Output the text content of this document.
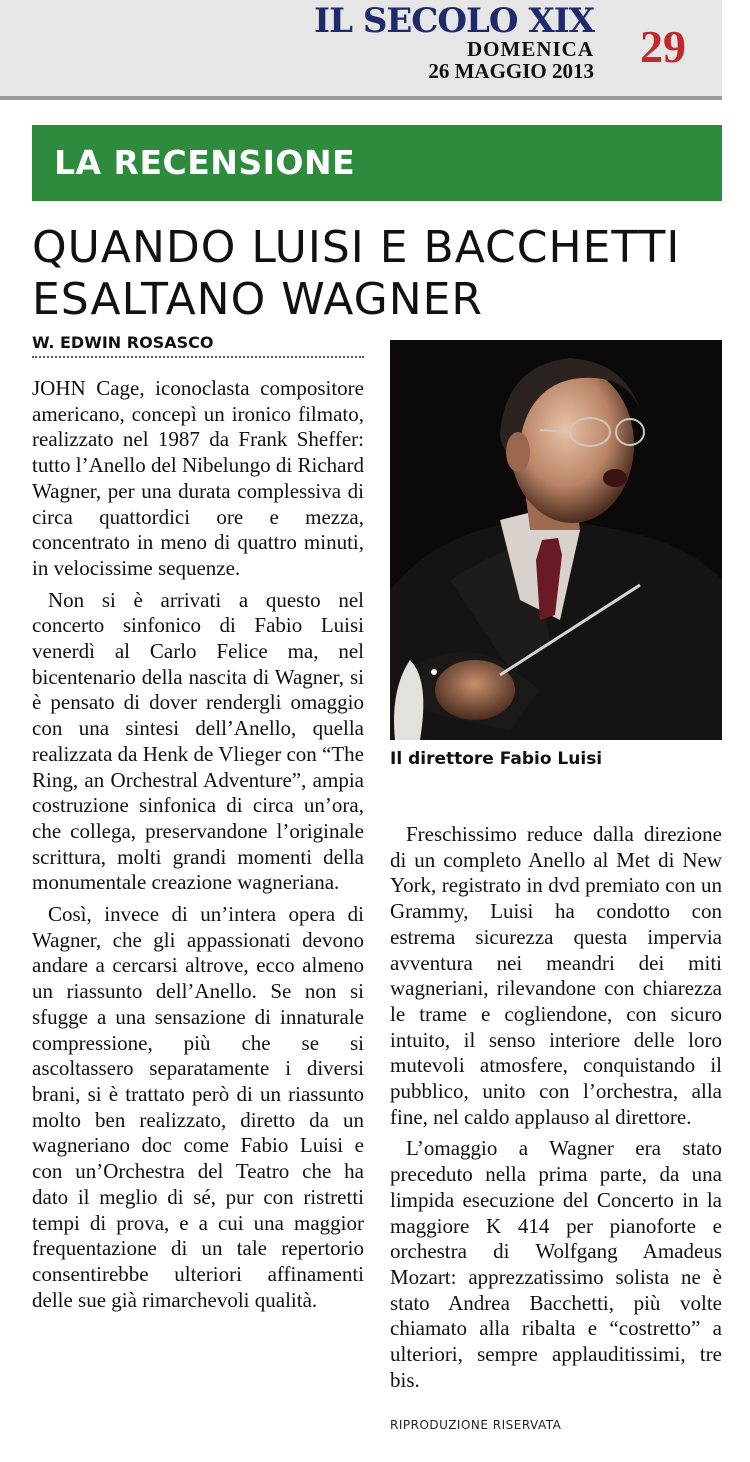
IL SECOLO XIX
DOMENICA
26 MAGGIO 2013 29
LA RECENSIONE
QUANDO LUISI E BACCHETTI
ESALTANO WAGNER
W. EDWIN ROSASCO

JOHN Cage, iconoclasta compositore americano, concepì un ironico filmato, realizzato nel 1987 da Frank Sheffer: tutto l’Anello del Nibelungo di Richard Wagner, per una durata complessiva di circa quattordici ore e mezza, concentrato in meno di quattro minuti, in velocissime sequenze.

Non si è arrivati a questo nel concerto sinfonico di Fabio Luisi venerdì al Carlo Felice ma, nel bicentenario della nascita di Wagner, si è pensato di dover rendergli omaggio con una sintesi dell’Anello, quella realizzata da Henk de Vlieger con “The Ring, an Orchestral Adventure”, ampia costruzione sinfonica di circa un’ora, che collega, preservandone l’originale scrittura, molti grandi momenti della monumentale creazione wagneriana.

Così, invece di un’intera opera di Wagner, che gli appassionati devono andare a cercarsi altrove, ecco almeno un riassunto dell’Anello. Se non si sfugge a una sensazione di innaturale compressione, più che se si ascoltassero separatamente i diversi brani, si è trattato però di un riassunto molto ben realizzato, diretto da un wagneriano doc come Fabio Luisi e con un’Orchestra del Teatro che ha dato il meglio di sé, pur con ristretti tempi di prova, e a cui una maggior frequentazione di un tale repertorio consentirebbe ulteriori affinamenti delle sue già rimarchevoli qualità.

Il direttore Fabio Luisi

Freschissimo reduce dalla direzione di un completo Anello al Met di New York, registrato in dvd premiato con un Grammy, Luisi ha condotto con estrema sicurezza questa impervia avventura nei meandri dei miti wagneriani, rilevandone con chiarezza le trame e cogliendone, con sicuro intuito, il senso interiore delle loro mutevoli atmosfere, conquistando il pubblico, unito con l’orchestra, alla fine, nel caldo applauso al direttore.

L’omaggio a Wagner era stato preceduto nella prima parte, da una limpida esecuzione del Concerto in la maggiore K 414 per pianoforte e orchestra di Wolfgang Amadeus Mozart: apprezzatissimo solista ne è stato Andrea Bacchetti, più volte chiamato alla ribalta e “costretto” a ulteriori, sempre applauditissimi, tre bis.

RIPRODUZIONE RISERVATA
